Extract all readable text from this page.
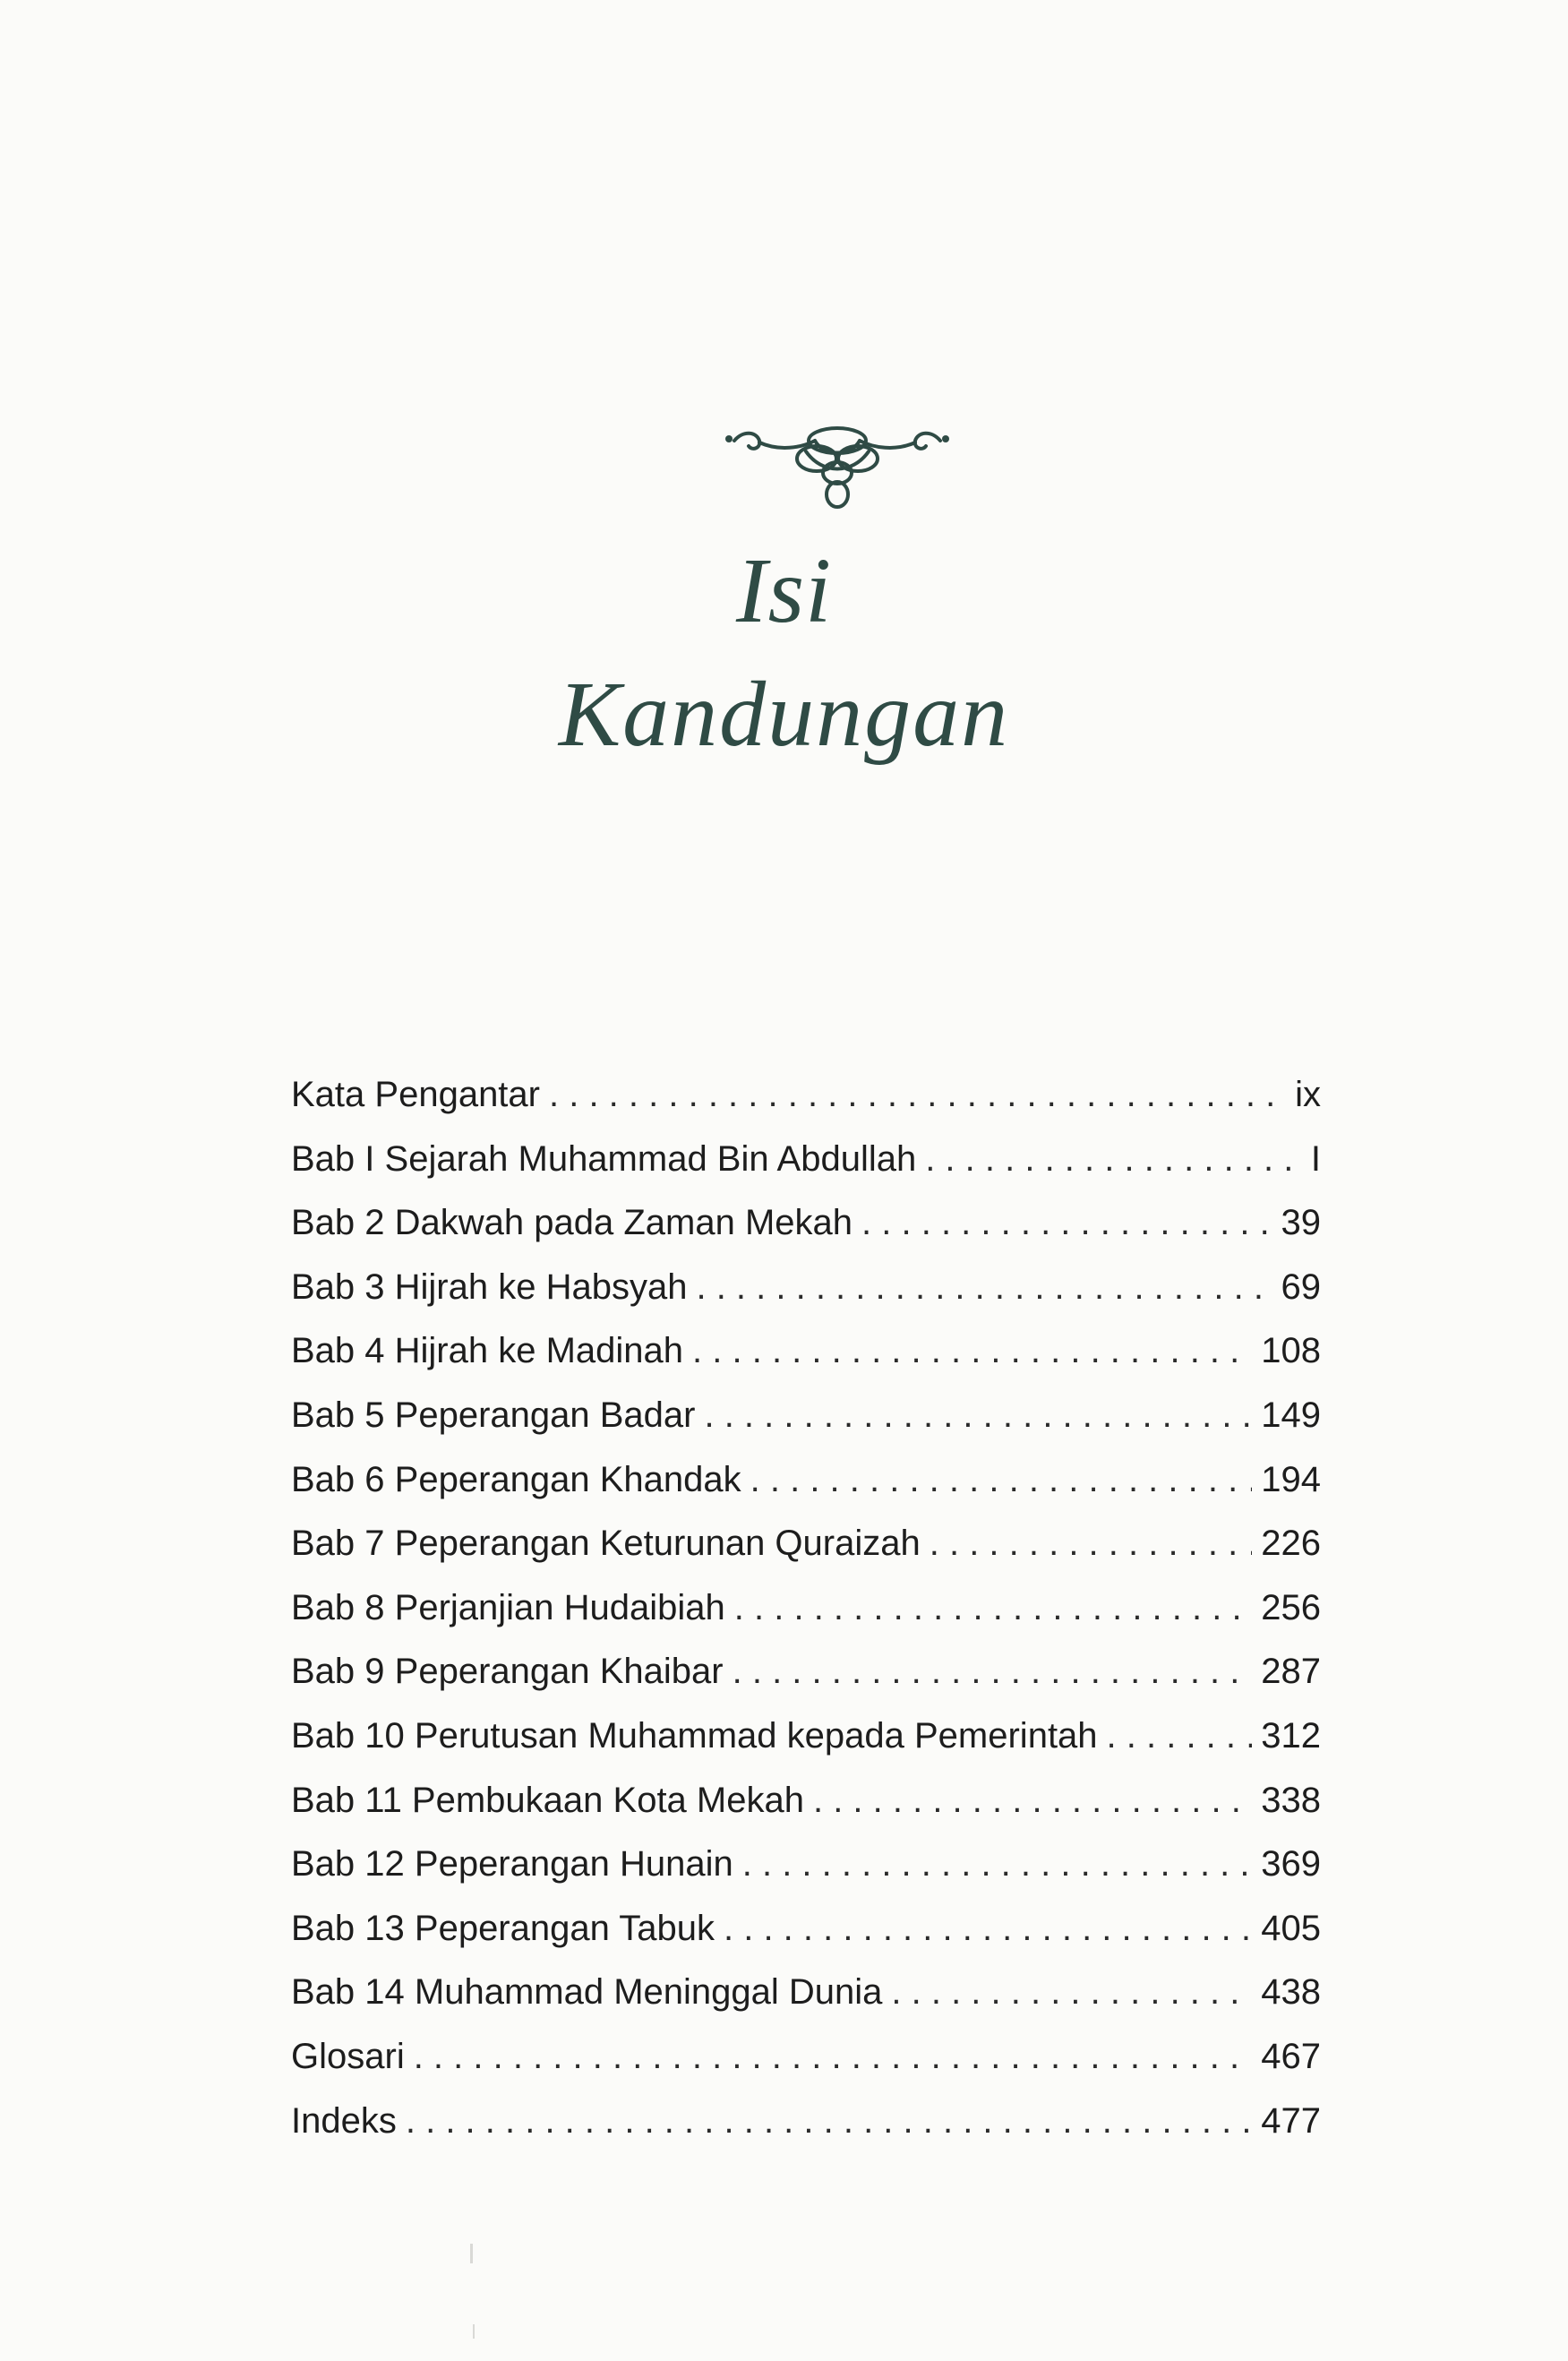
Isi
Kandungan
Kata Pengantar . . .	ix
Bab I Sejarah Muhammad Bin Abdullah . . .	I
Bab 2 Dakwah pada Zaman Mekah . . .	39
Bab 3 Hijrah ke Habsyah . . .	69
Bab 4 Hijrah ke Madinah . . .	108
Bab 5 Peperangan Badar . . .	149
Bab 6 Peperangan Khandak . . .	194
Bab 7 Peperangan Keturunan Quraizah . . .	226
Bab 8 Perjanjian Hudaibiah . . .	256
Bab 9 Peperangan Khaibar . . .	287
Bab 10 Perutusan Muhammad kepada Pemerintah . . .	312
Bab 11 Pembukaan Kota Mekah . . .	338
Bab 12 Peperangan Hunain . . .	369
Bab 13 Peperangan Tabuk . . .	405
Bab 14 Muhammad Meninggal Dunia . . .	438
Glosari . . .	467
Indeks . . .	477
